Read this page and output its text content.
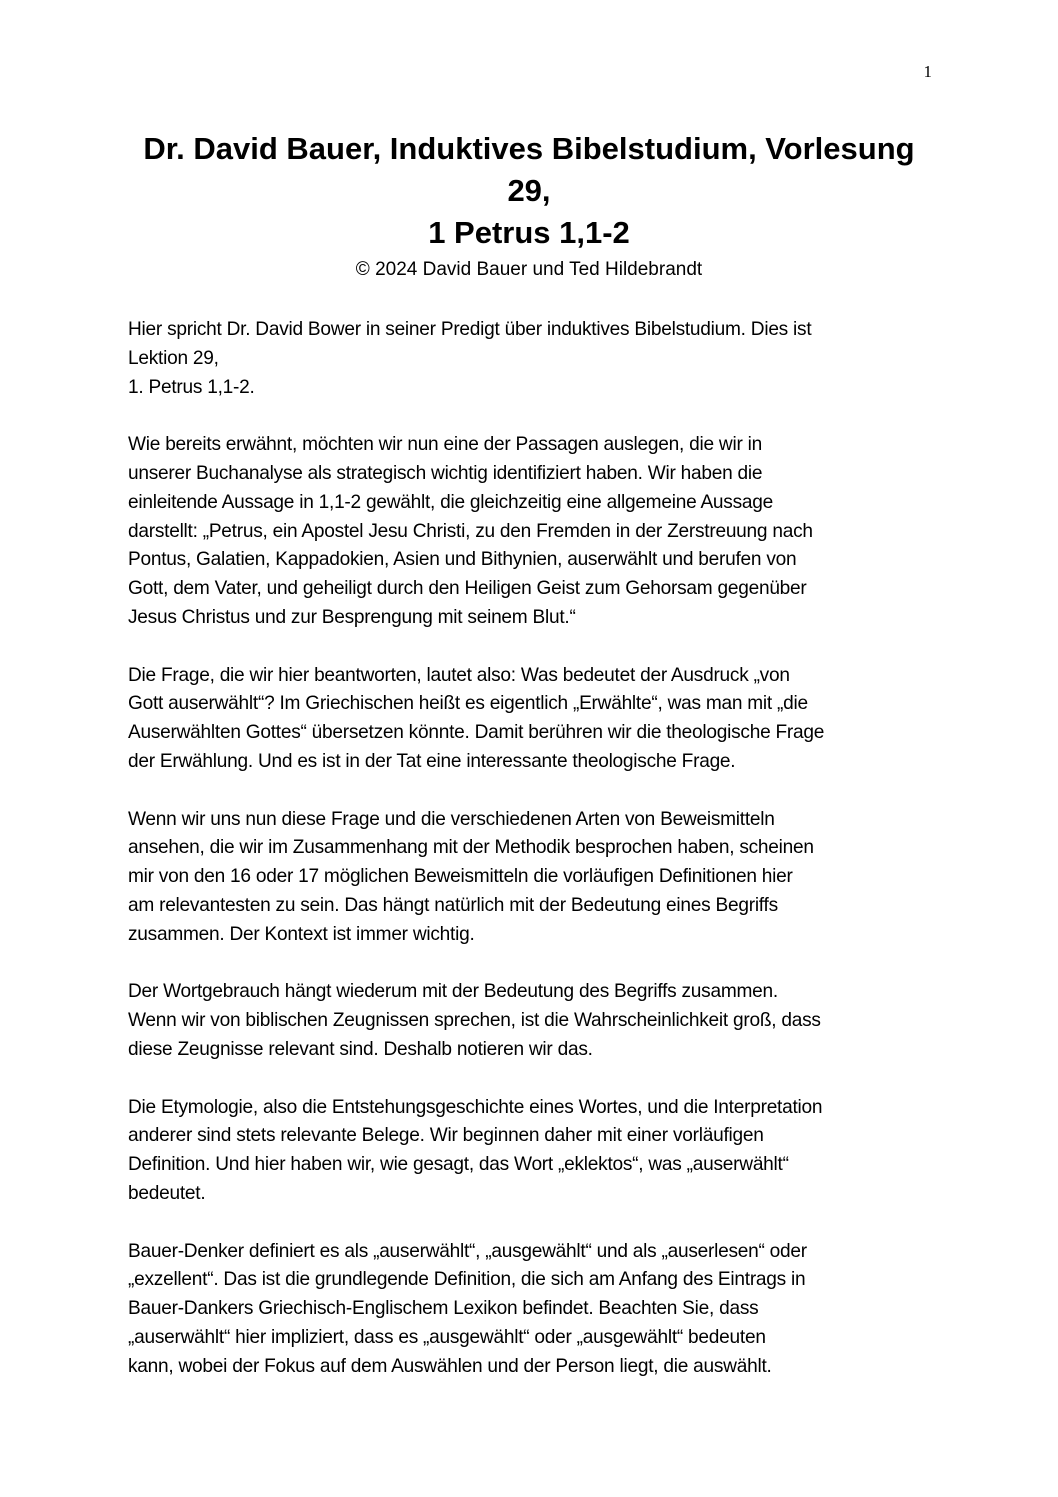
1
Dr. David Bauer, Induktives Bibelstudium, Vorlesung
29,
1 Petrus 1,1-2
© 2024 David Bauer und Ted Hildebrandt

Hier spricht Dr. David Bower in seiner Predigt über induktives Bibelstudium. Dies ist
Lektion 29,
1. Petrus 1,1-2.

Wie bereits erwähnt, möchten wir nun eine der Passagen auslegen, die wir in
unserer Buchanalyse als strategisch wichtig identifiziert haben. Wir haben die
einleitende Aussage in 1,1-2 gewählt, die gleichzeitig eine allgemeine Aussage
darstellt: „Petrus, ein Apostel Jesu Christi, zu den Fremden in der Zerstreuung nach
Pontus, Galatien, Kappadokien, Asien und Bithynien, auserwählt und berufen von
Gott, dem Vater, und geheiligt durch den Heiligen Geist zum Gehorsam gegenüber
Jesus Christus und zur Besprengung mit seinem Blut.“

Die Frage, die wir hier beantworten, lautet also: Was bedeutet der Ausdruck „von
Gott auserwählt“? Im Griechischen heißt es eigentlich „Erwählte“, was man mit „die
Auserwählten Gottes“ übersetzen könnte. Damit berühren wir die theologische Frage
der Erwählung. Und es ist in der Tat eine interessante theologische Frage.

Wenn wir uns nun diese Frage und die verschiedenen Arten von Beweismitteln
ansehen, die wir im Zusammenhang mit der Methodik besprochen haben, scheinen
mir von den 16 oder 17 möglichen Beweismitteln die vorläufigen Definitionen hier
am relevantesten zu sein. Das hängt natürlich mit der Bedeutung eines Begriffs
zusammen. Der Kontext ist immer wichtig.

Der Wortgebrauch hängt wiederum mit der Bedeutung des Begriffs zusammen.
Wenn wir von biblischen Zeugnissen sprechen, ist die Wahrscheinlichkeit groß, dass
diese Zeugnisse relevant sind. Deshalb notieren wir das.

Die Etymologie, also die Entstehungsgeschichte eines Wortes, und die Interpretation
anderer sind stets relevante Belege. Wir beginnen daher mit einer vorläufigen
Definition. Und hier haben wir, wie gesagt, das Wort „eklektos“, was „auserwählt“
bedeutet.

Bauer-Denker definiert es als „auserwählt“, „ausgewählt“ und als „auserlesen“ oder
„exzellent“. Das ist die grundlegende Definition, die sich am Anfang des Eintrags in
Bauer-Dankers Griechisch-Englischem Lexikon befindet. Beachten Sie, dass
„auserwählt“ hier impliziert, dass es „ausgewählt“ oder „ausgewählt“ bedeuten
kann, wobei der Fokus auf dem Auswählen und der Person liegt, die auswählt.
